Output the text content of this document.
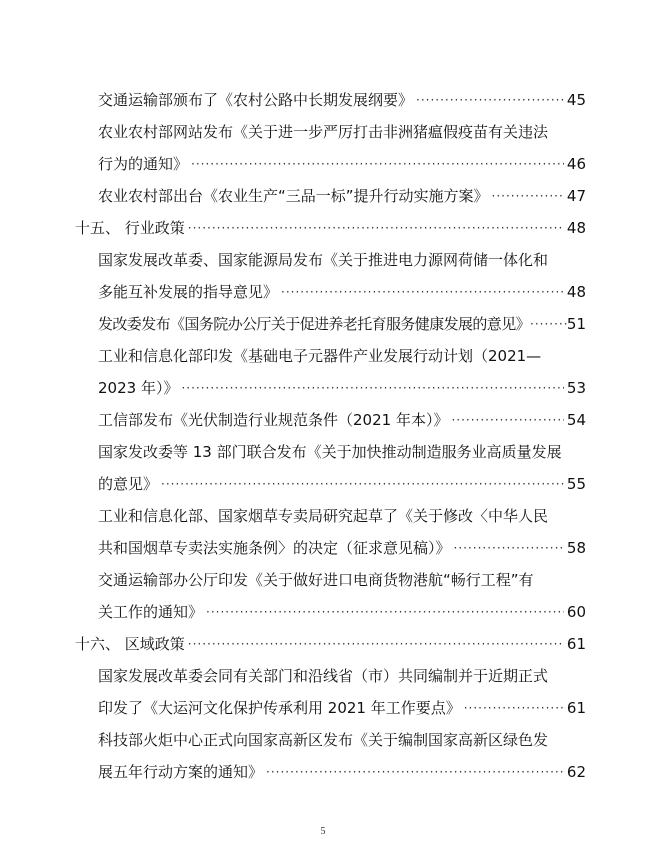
交通运输部颁布了《农村公路中长期发展纲要》 ·····	45
农业农村部网站发布《关于进一步严厉打击非洲猪瘟假疫苗有关违法
行为的通知》 ·····	46
农业农村部出台《农业生产“三品一标”提升行动实施方案》 ·····	47
十五、 行业政策 ·····	48
国家发展改革委、国家能源局发布《关于推进电力源网荷储一体化和
多能互补发展的指导意见》 ·····	48
发改委发布《国务院办公厅关于促进养老托育服务健康发展的意见》 ····· 51
工业和信息化部印发《基础电子元器件产业发展行动计划（2021—
2023 年）》 ·····	53
工信部发布《光伏制造行业规范条件（2021 年本）》 ·····	54
国家发改委等 13 部门联合发布《关于加快推动制造服务业高质量发展
的意见》 ·····	55
工业和信息化部、国家烟草专卖局研究起草了《关于修改〈中华人民
共和国烟草专卖法实施条例〉的决定（征求意见稿）》 ·····	58
交通运输部办公厅印发《关于做好进口电商货物港航“畅行工程”有
关工作的通知》 ·····	60
十六、 区域政策 ·····	61
国家发展改革委会同有关部门和沿线省（市）共同编制并于近期正式
印发了《大运河文化保护传承利用 2021 年工作要点》 ·····	61
科技部火炬中心正式向国家高新区发布《关于编制国家高新区绿色发
展五年行动方案的通知》 ·····	62
5
